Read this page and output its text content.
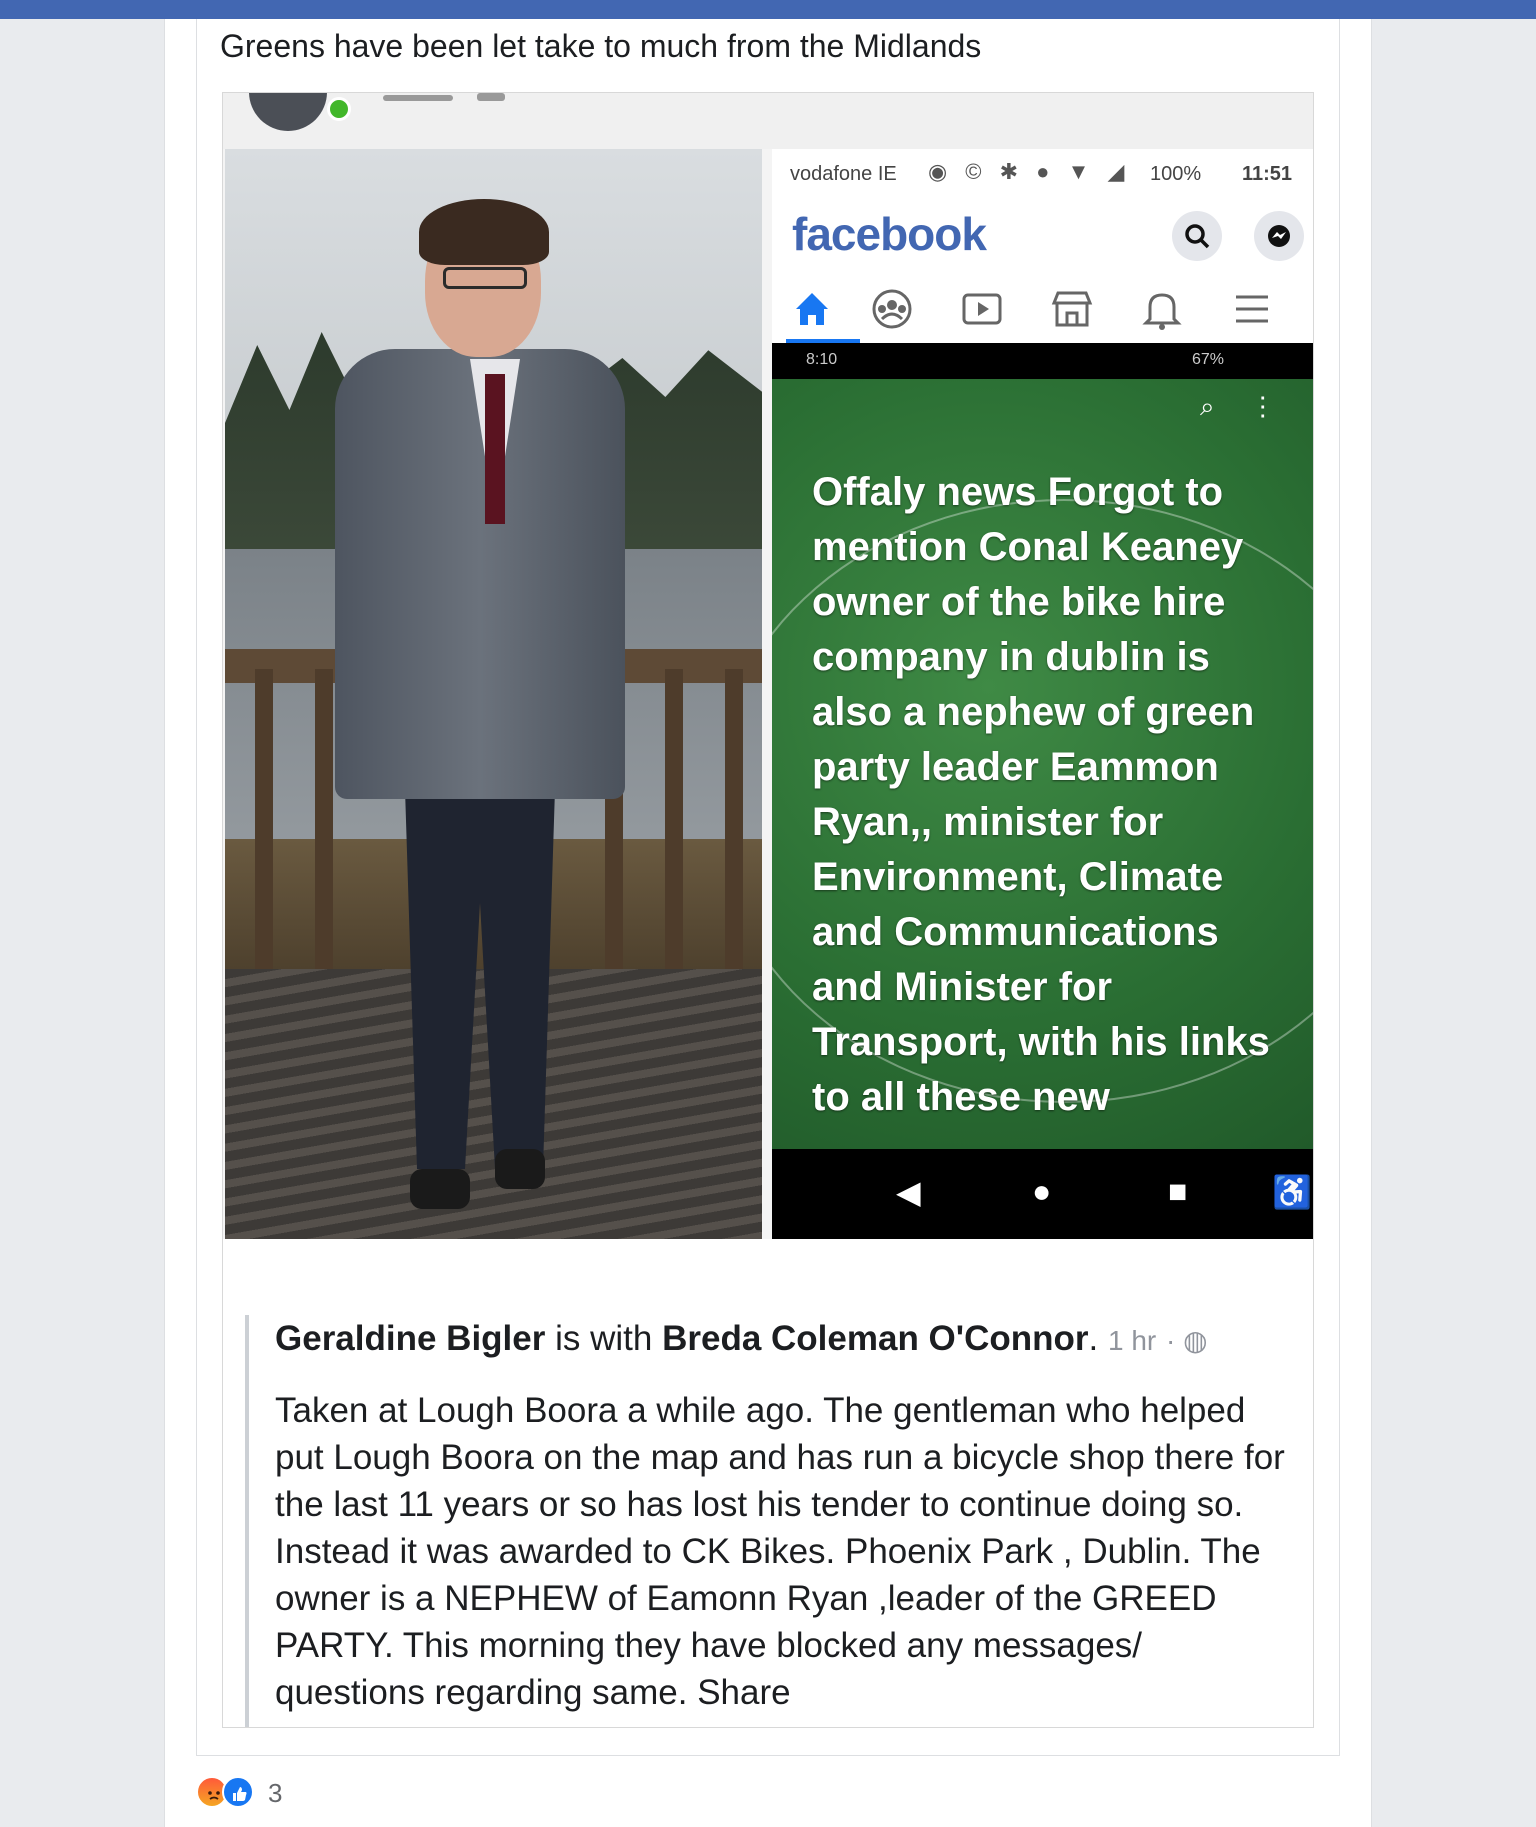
Greens have been let take to much from the Midlands
vodafone IE ◉ © ✱ ● ▼ ◢ 100% 11:51
facebook
8:10	67%
⌕ ⋮
Offaly news Forgot to mention Conal Keaney owner of the bike hire company in dublin is also a nephew of green party leader Eammon Ryan,, minister for Environment, Climate and Communications and Minister for Transport, with his links to all these new
◀	●	■	♿
Geraldine Bigler is with Breda Coleman O'Connor. 1 hr · ◍
Taken at Lough Boora a while ago. The gentleman who helped put Lough Boora on the map and has run a bicycle shop there for the last 11 years or so has lost his tender to continue doing so. Instead it was awarded to CK Bikes. Phoenix Park , Dublin. The owner is a NEPHEW of Eamonn Ryan ,leader of the GREED PARTY. This morning they have blocked any messages/ questions regarding same. Share
3
